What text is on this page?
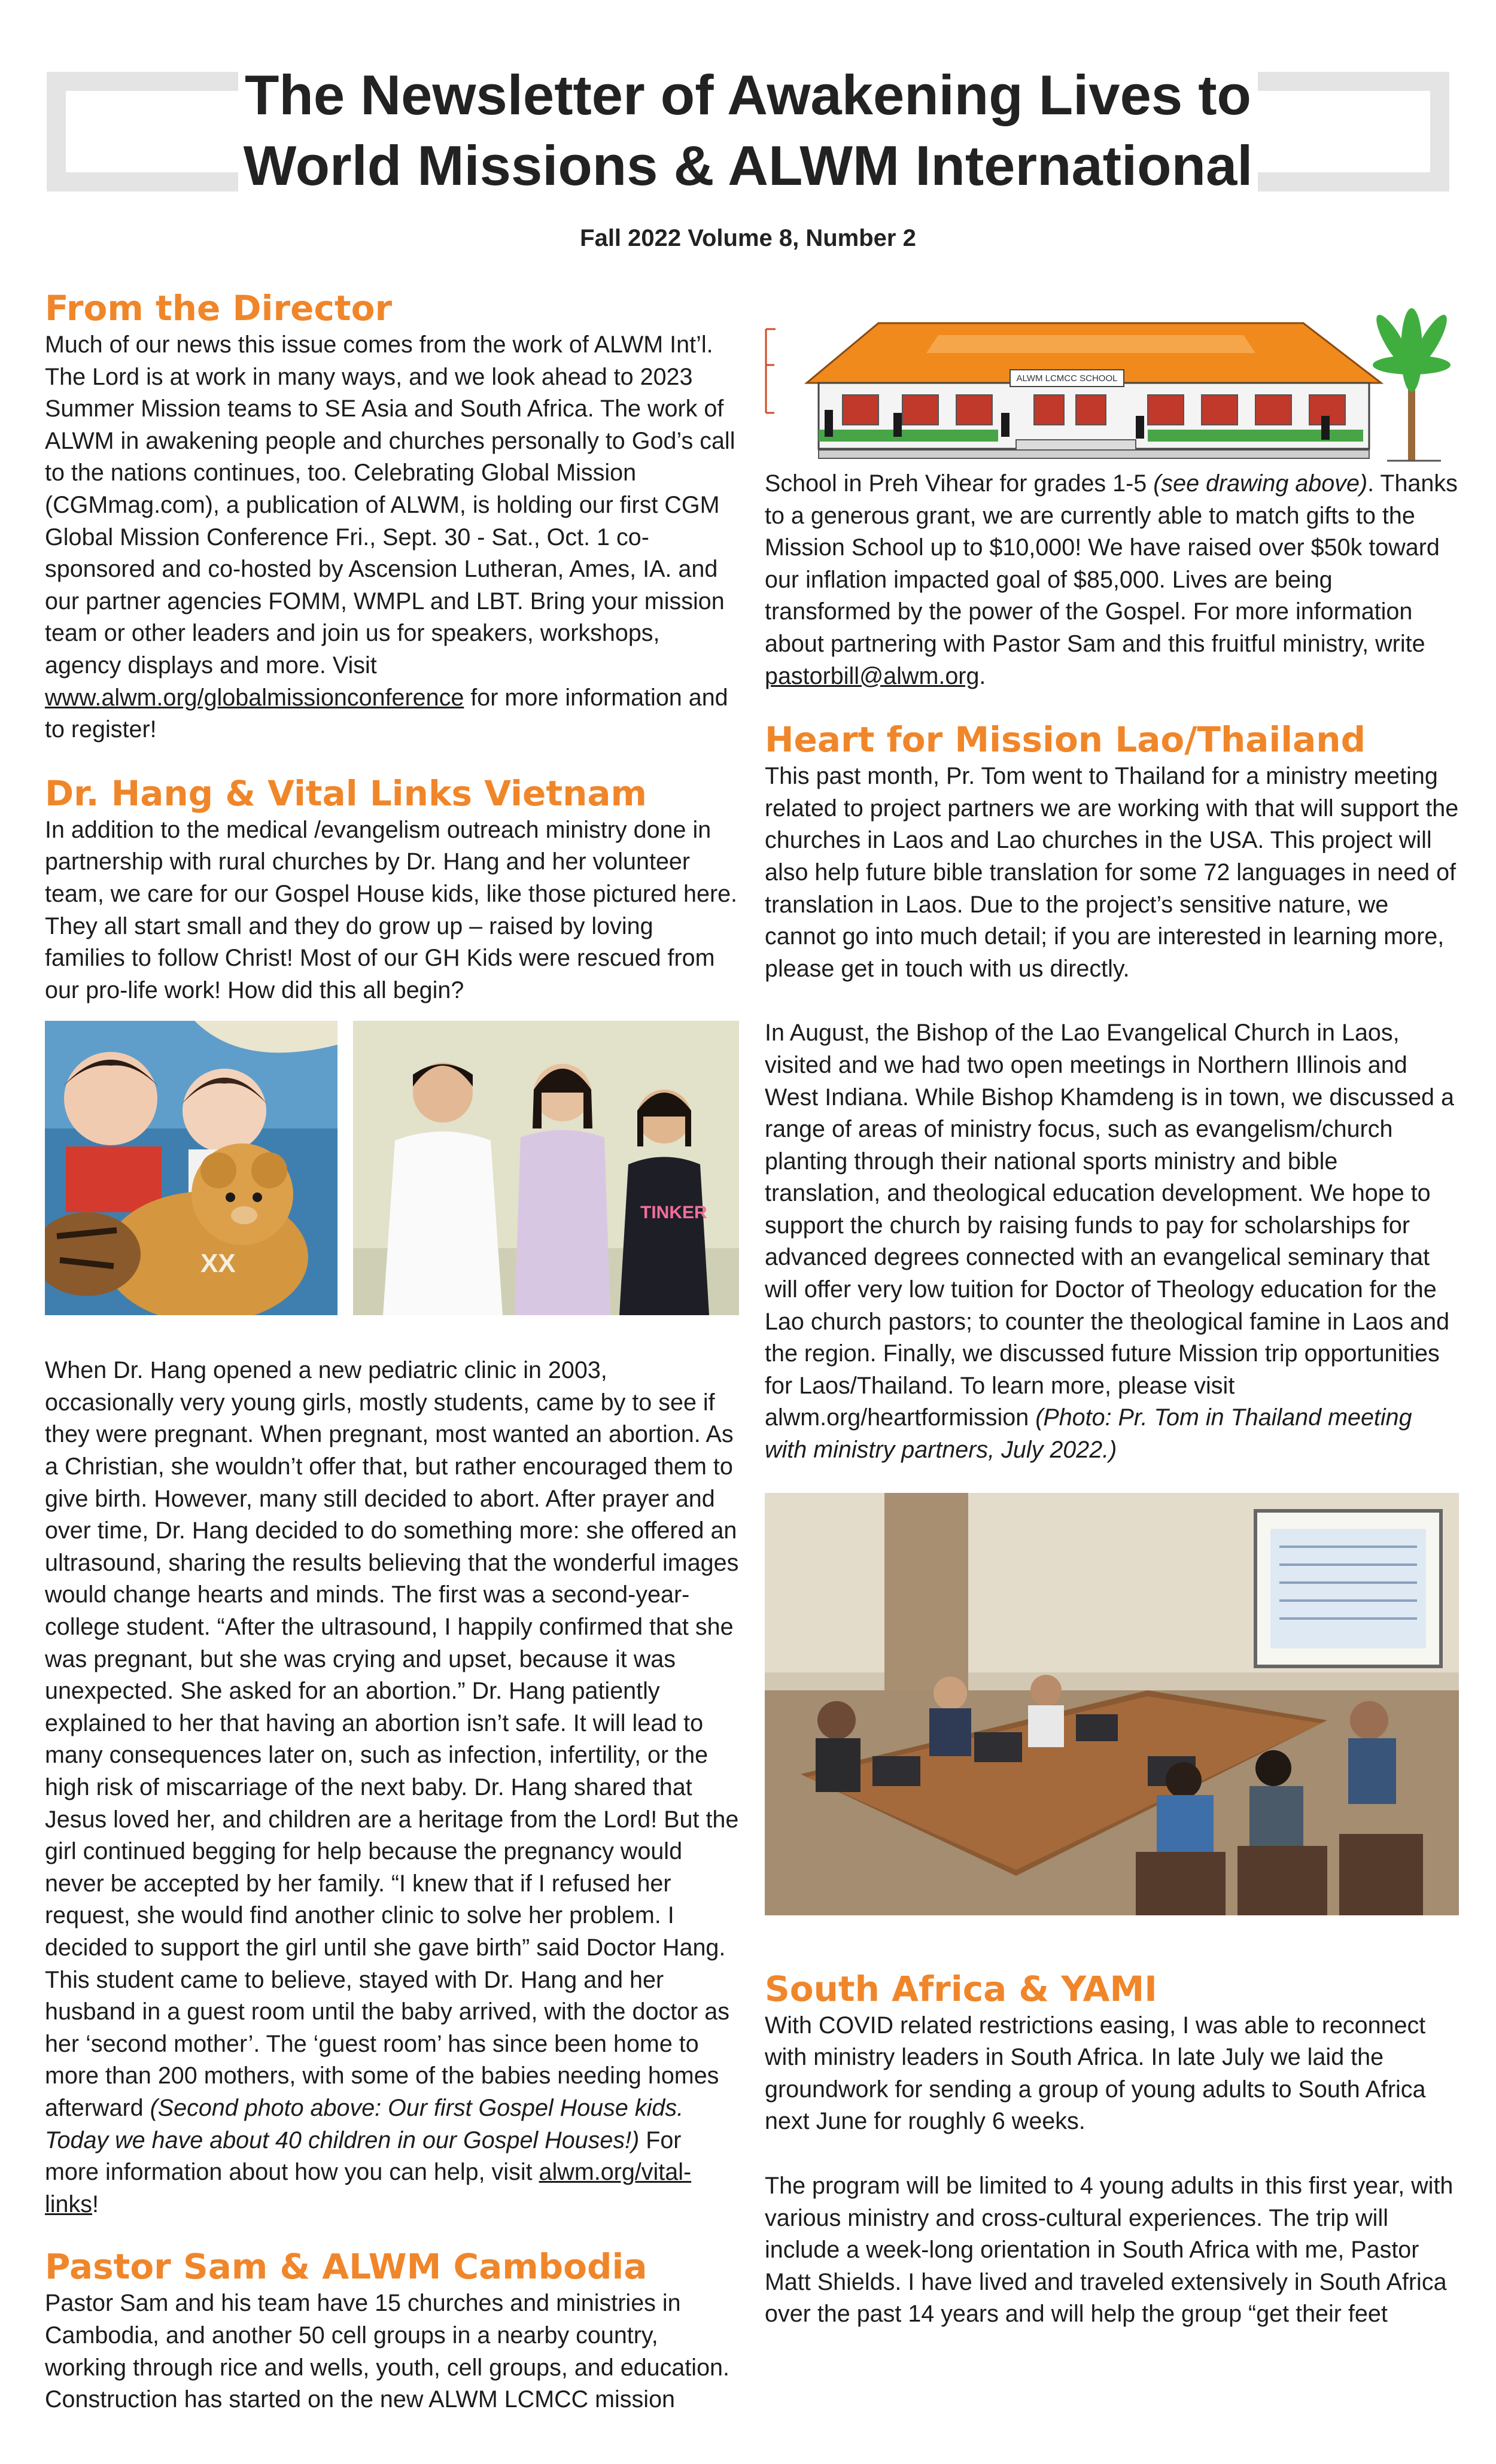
The Newsletter of Awakening Lives to
World Missions & ALWM International
Fall 2022 Volume 8, Number 2
From the Director

Much of our news this issue comes from the work of ALWM Int’l. The Lord is at work in many ways, and we look ahead to 2023 Summer Mission teams to SE Asia and South Africa. The work of ALWM in awakening people and churches personally to God’s call to the nations continues, too. Celebrating Global Mission (CGMmag.com), a publication of ALWM, is holding our first CGM Global Mission Conference Fri., Sept. 30 - Sat., Oct. 1 co-sponsored and co-hosted by Ascension Lutheran, Ames, IA. and our partner agencies FOMM, WMPL and LBT. Bring your mission team or other leaders and join us for speakers, workshops, agency displays and more. Visit www.alwm.org/globalmissionconference for more information and to register!

Dr. Hang & Vital Links Vietnam

In addition to the medical /evangelism outreach ministry done in partnership with rural churches by Dr. Hang and her volunteer team, we care for our Gospel House kids, like those pictured here. They all start small and they do grow up – raised by loving families to follow Christ! Most of our GH Kids were rescued from our pro-life work! How did this all begin?

XX
TINKER

When Dr. Hang opened a new pediatric clinic in 2003, occasionally very young girls, mostly students, came by to see if they were pregnant. When pregnant, most wanted an abortion. As a Christian, she wouldn’t offer that, but rather encouraged them to give birth. However, many still decided to abort. After prayer and over time, Dr. Hang decided to do something more: she offered an ultrasound, sharing the results believing that the wonderful images would change hearts and minds. The first was a second-year-college student. “After the ultrasound, I happily confirmed that she was pregnant, but she was crying and upset, because it was unexpected. She asked for an abortion.” Dr. Hang patiently explained to her that having an abortion isn’t safe. It will lead to many consequences later on, such as infection, infertility, or the high risk of miscarriage of the next baby. Dr. Hang shared that Jesus loved her, and children are a heritage from the Lord! But the girl continued begging for help because the pregnancy would never be accepted by her family. “I knew that if I refused her request, she would find another clinic to solve her problem. I decided to support the girl until she gave birth” said Doctor Hang. This student came to believe, stayed with Dr. Hang and her husband in a guest room until the baby arrived, with the doctor as her ‘second mother’. The ‘guest room’ has since been home to more than 200 mothers, with some of the babies needing homes afterward (Second photo above: Our first Gospel House kids. Today we have about 40 children in our Gospel Houses!) For more information about how you can help, visit alwm.org/vital-links!

Pastor Sam & ALWM Cambodia

Pastor Sam and his team have 15 churches and ministries in Cambodia, and another 50 cell groups in a nearby country, working through rice and wells, youth, cell groups, and education. Construction has started on the new ALWM LCMCC mission

ALWM LCMCC SCHOOL

School in Preh Vihear for grades 1-5 (see drawing above). Thanks to a generous grant, we are currently able to match gifts to the Mission School up to $10,000! We have raised over $50k toward our inflation impacted goal of $85,000. Lives are being transformed by the power of the Gospel. For more information about partnering with Pastor Sam and this fruitful ministry, write pastorbill@alwm.org.

Heart for Mission Lao/Thailand

This past month, Pr. Tom went to Thailand for a ministry meeting related to project partners we are working with that will support the churches in Laos and Lao churches in the USA. This project will also help future bible translation for some 72 languages in need of translation in Laos. Due to the project’s sensitive nature, we cannot go into much detail; if you are interested in learning more, please get in touch with us directly.

In August, the Bishop of the Lao Evangelical Church in Laos, visited and we had two open meetings in Northern Illinois and West Indiana. While Bishop Khamdeng is in town, we discussed a range of areas of ministry focus, such as evangelism/church planting through their national sports ministry and bible translation, and theological education development. We hope to support the church by raising funds to pay for scholarships for advanced degrees connected with an evangelical seminary that will offer very low tuition for Doctor of Theology education for the Lao church pastors; to counter the theological famine in Laos and the region. Finally, we discussed future Mission trip opportunities for Laos/Thailand. To learn more, please visit alwm.org/heartformission (Photo: Pr. Tom in Thailand meeting with ministry partners, July 2022.)

South Africa & YAMI

With COVID related restrictions easing, I was able to reconnect with ministry leaders in South Africa. In late July we laid the groundwork for sending a group of young adults to South Africa next June for roughly 6 weeks.

The program will be limited to 4 young adults in this first year, with various ministry and cross-cultural experiences. The trip will include a week-long orientation in South Africa with me, Pastor Matt Shields. I have lived and traveled extensively in South Africa over the past 14 years and will help the group “get their feet
